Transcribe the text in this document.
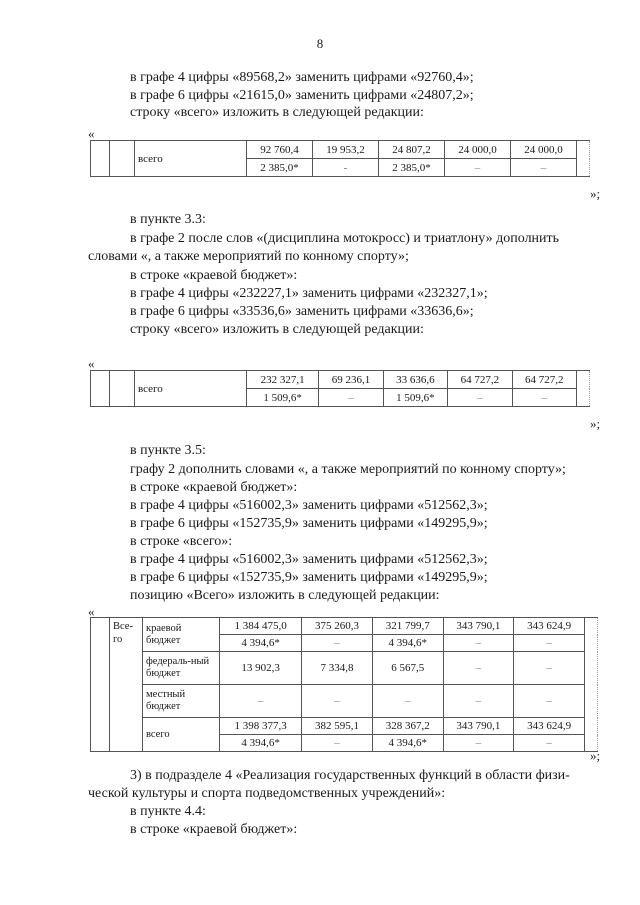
8
в графе 4 цифры «89568,2» заменить цифрами «92760,4»;
в графе 6 цифры «21615,0» заменить цифрами «24807,2»;
строку «всего» изложить в следующей редакции:
«
		всего	92 760,4	19 953,2	24 807,2	24 000,0	24 000,0	
			2 385,0*	-	2 385,0*	–	–	
»;
в пункте 3.3:
в графе 2 после слов «(дисциплина мотокросс) и триатлону» дополнить
словами «, а также мероприятий по конному спорту»;
в строке «краевой бюджет»:
в графе 4 цифры «232227,1» заменить цифрами «232327,1»;
в графе 6 цифры «33536,6» заменить цифрами «33636,6»;
строку «всего» изложить в следующей редакции:
«
		всего	232 327,1	69 236,1	33 636,6	64 727,2	64 727,2	
			1 509,6*	–	1 509,6*	–	–	
»;
в пункте 3.5:
графу 2 дополнить словами «, а также мероприятий по конному спорту»;
в строке «краевой бюджет»:
в графе 4 цифры «516002,3» заменить цифрами «512562,3»;
в графе 6 цифры «152735,9» заменить цифрами «149295,9»;
в строке «всего»:
в графе 4 цифры «516002,3» заменить цифрами «512562,3»;
в графе 6 цифры «152735,9» заменить цифрами «149295,9»;
позицию «Всего» изложить в следующей редакции:
«
	Все-го	краевой бюджет	1 384 475,0	375 260,3	321 799,7	343 790,1	343 624,9	
			4 394,6*	–	4 394,6*	–	–	
		федераль-ный бюджет	13 902,3	7 334,8	6 567,5	–	–	
		местный бюджет	–	–	–	–	–	
		всего	1 398 377,3	382 595,1	328 367,2	343 790,1	343 624,9	
			4 394,6*	–	4 394,6*	–	–	
»;
3) в подразделе 4 «Реализация государственных функций в области физи-
ческой культуры и спорта подведомственных учреждений»:
в пункте 4.4:
в строке «краевой бюджет»:
